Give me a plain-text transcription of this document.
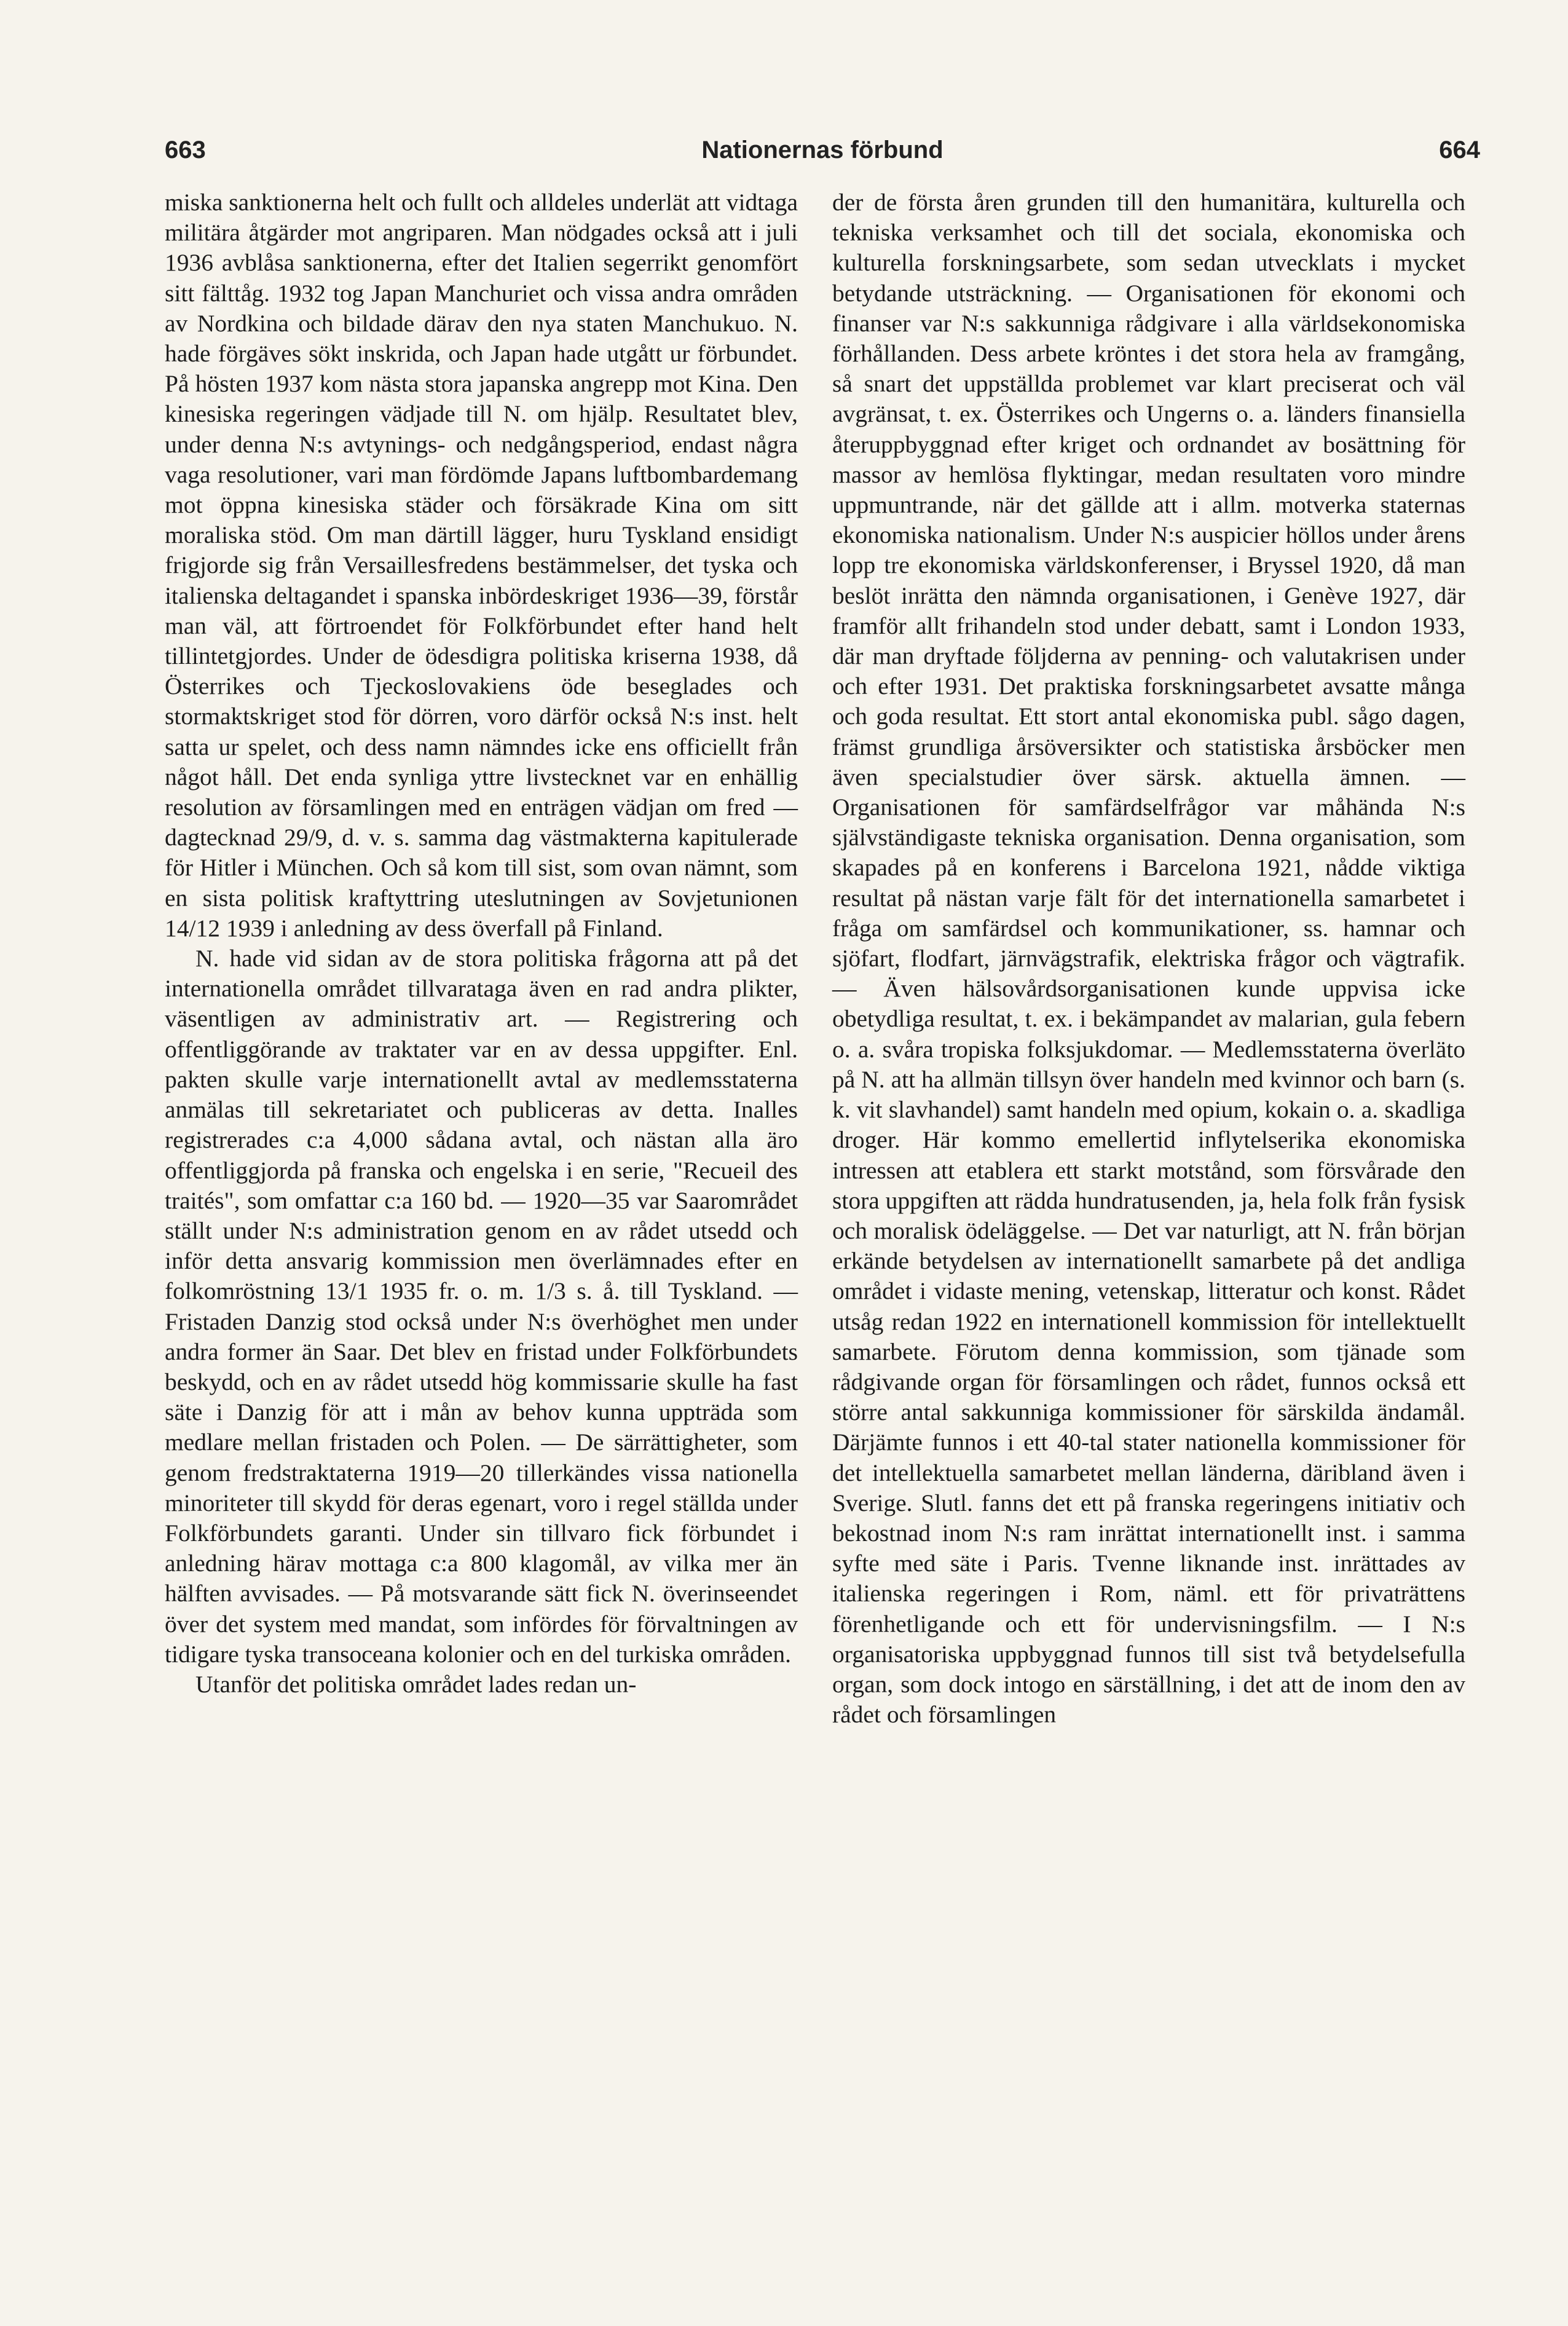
663	Nationernas förbund	664

miska sanktionerna helt och fullt och alldeles underlät att vidtaga militära åtgärder mot angriparen. Man nödgades också att i juli 1936 avblåsa sanktionerna, efter det Italien segerrikt genomfört sitt fälttåg. 1932 tog Japan Manchuriet och vissa andra områden av Nordkina och bildade därav den nya staten Manchukuo. N. hade förgäves sökt inskrida, och Japan hade utgått ur förbundet. På hösten 1937 kom nästa stora japanska angrepp mot Kina. Den kinesiska regeringen vädjade till N. om hjälp. Resultatet blev, under denna N:s avtynings- och nedgångsperiod, endast några vaga resolutioner, vari man fördömde Japans luftbombardemang mot öppna kinesiska städer och försäkrade Kina om sitt moraliska stöd. Om man därtill lägger, huru Tyskland ensidigt frigjorde sig från Versaillesfredens bestämmelser, det tyska och italienska deltagandet i spanska inbördeskriget 1936—39, förstår man väl, att förtroendet för Folkförbundet efter hand helt tillintetgjordes. Under de ödesdigra politiska kriserna 1938, då Österrikes och Tjeckoslovakiens öde beseglades och stormaktskriget stod för dörren, voro därför också N:s inst. helt satta ur spelet, och dess namn nämndes icke ens officiellt från något håll. Det enda synliga yttre livstecknet var en enhällig resolution av församlingen med en enträgen vädjan om fred — dagtecknad 29/9, d. v. s. samma dag västmakterna kapitulerade för Hitler i München. Och så kom till sist, som ovan nämnt, som en sista politisk kraftyttring uteslutningen av Sovjetunionen 14/12 1939 i anledning av dess överfall på Finland.

N. hade vid sidan av de stora politiska frågorna att på det internationella området tillvaratagа även en rad andra plikter, väsentligen av administrativ art. — Registrering och offentliggörande av traktater var en av dessa uppgifter. Enl. pakten skulle varje internationellt avtal av medlemsstaterna anmälas till sekretariatet och publiceras av detta. Inalles registrerades c:a 4,000 sådana avtal, och nästan alla äro offentliggjorda på franska och engelska i en serie, "Recueil des traités", som omfattar c:a 160 bd. — 1920—35 var Saarområdet ställt under N:s administration genom en av rådet utsedd och inför detta ansvarig kommission men överlämnades efter en folkomröstning 13/1 1935 fr. o. m. 1/3 s. å. till Tyskland. — Fristaden Danzig stod också under N:s överhöghet men under andra former än Saar. Det blev en fristad under Folkförbundets beskydd, och en av rådet utsedd hög kommissarie skulle ha fast säte i Danzig för att i mån av behov kunna uppträda som medlare mellan fristaden och Polen. — De särrättigheter, som genom fredstraktaterna 1919—20 tillerkändes vissa nationella minoriteter till skydd för deras egenart, voro i regel ställda under Folkförbundets garanti. Under sin tillvaro fick förbundet i anledning härav mottaga c:a 800 klagomål, av vilka mer än hälften avvisades. — På motsvarande sätt fick N. överinseendet över det system med mandat, som infördes för förvaltningen av tidigare tyska transoceana kolonier och en del turkiska områden.

Utanför det politiska området lades redan un-

der de första åren grunden till den humanitära, kulturella och tekniska verksamhet och till det sociala, ekonomiska och kulturella forskningsarbete, som sedan utvecklats i mycket betydande utsträckning. — Organisationen för ekonomi och finanser var N:s sakkunniga rådgivare i alla världsekonomiska förhållanden. Dess arbete kröntes i det stora hela av framgång, så snart det uppställda problemet var klart preciserat och väl avgränsat, t. ex. Österrikes och Ungerns o. a. länders finansiella återuppbyggnad efter kriget och ordnandet av bosättning för massor av hemlösa flyktingar, medan resultaten voro mindre uppmuntrande, när det gällde att i allm. motverka staternas ekonomiska nationalism. Under N:s auspicier höllos under årens lopp tre ekonomiska världskonferenser, i Bryssel 1920, då man beslöt inrätta den nämnda organisationen, i Genève 1927, där framför allt frihandeln stod under debatt, samt i London 1933, där man dryftade följderna av penning- och valutakrisen under och efter 1931. Det praktiska forskningsarbetet avsatte många och goda resultat. Ett stort antal ekonomiska publ. sågo dagen, främst grundliga årsöversikter och statistiska årsböcker men även specialstudier över särsk. aktuella ämnen. — Organisationen för samfärdselfrågor var måhända N:s självständigaste tekniska organisation. Denna organisation, som skapades på en konferens i Barcelona 1921, nådde viktiga resultat på nästan varje fält för det internationella samarbetet i fråga om samfärdsel och kommunikationer, ss. hamnar och sjöfart, flodfart, järnvägstrafik, elektriska frågor och vägtrafik. — Även hälsovårdsorganisationen kunde uppvisa icke obetydliga resultat, t. ex. i bekämpandet av malarian, gula febern o. a. svåra tropiska folksjukdomar. — Medlemsstaterna överläto på N. att ha allmän tillsyn över handeln med kvinnor och barn (s. k. vit slavhandel) samt handeln med opium, kokain o. a. skadliga droger. Här kommo emellertid inflytelserika ekonomiska intressen att etablera ett starkt motstånd, som försvårade den stora uppgiften att rädda hundratusenden, ja, hela folk från fysisk och moralisk ödeläggelse. — Det var naturligt, att N. från början erkände betydelsen av internationellt samarbete på det andliga området i vidaste mening, vetenskap, litteratur och konst. Rådet utsåg redan 1922 en internationell kommission för intellektuellt samarbete. Förutom denna kommission, som tjänade som rådgivande organ för församlingen och rådet, funnos också ett större antal sakkunniga kommissioner för särskilda ändamål. Därjämte funnos i ett 40-tal stater nationella kommissioner för det intellektuella samarbetet mellan länderna, däribland även i Sverige. Slutl. fanns det ett på franska regeringens initiativ och bekostnad inom N:s ram inrättat internationellt inst. i samma syfte med säte i Paris. Tvenne liknande inst. inrättades av italienska regeringen i Rom, näml. ett för privaträttens förenhetligande och ett för undervisningsfilm. — I N:s organisatoriska uppbyggnad funnos till sist två betydelsefulla organ, som dock intogo en särställning, i det att de inom den av rådet och församlingen
